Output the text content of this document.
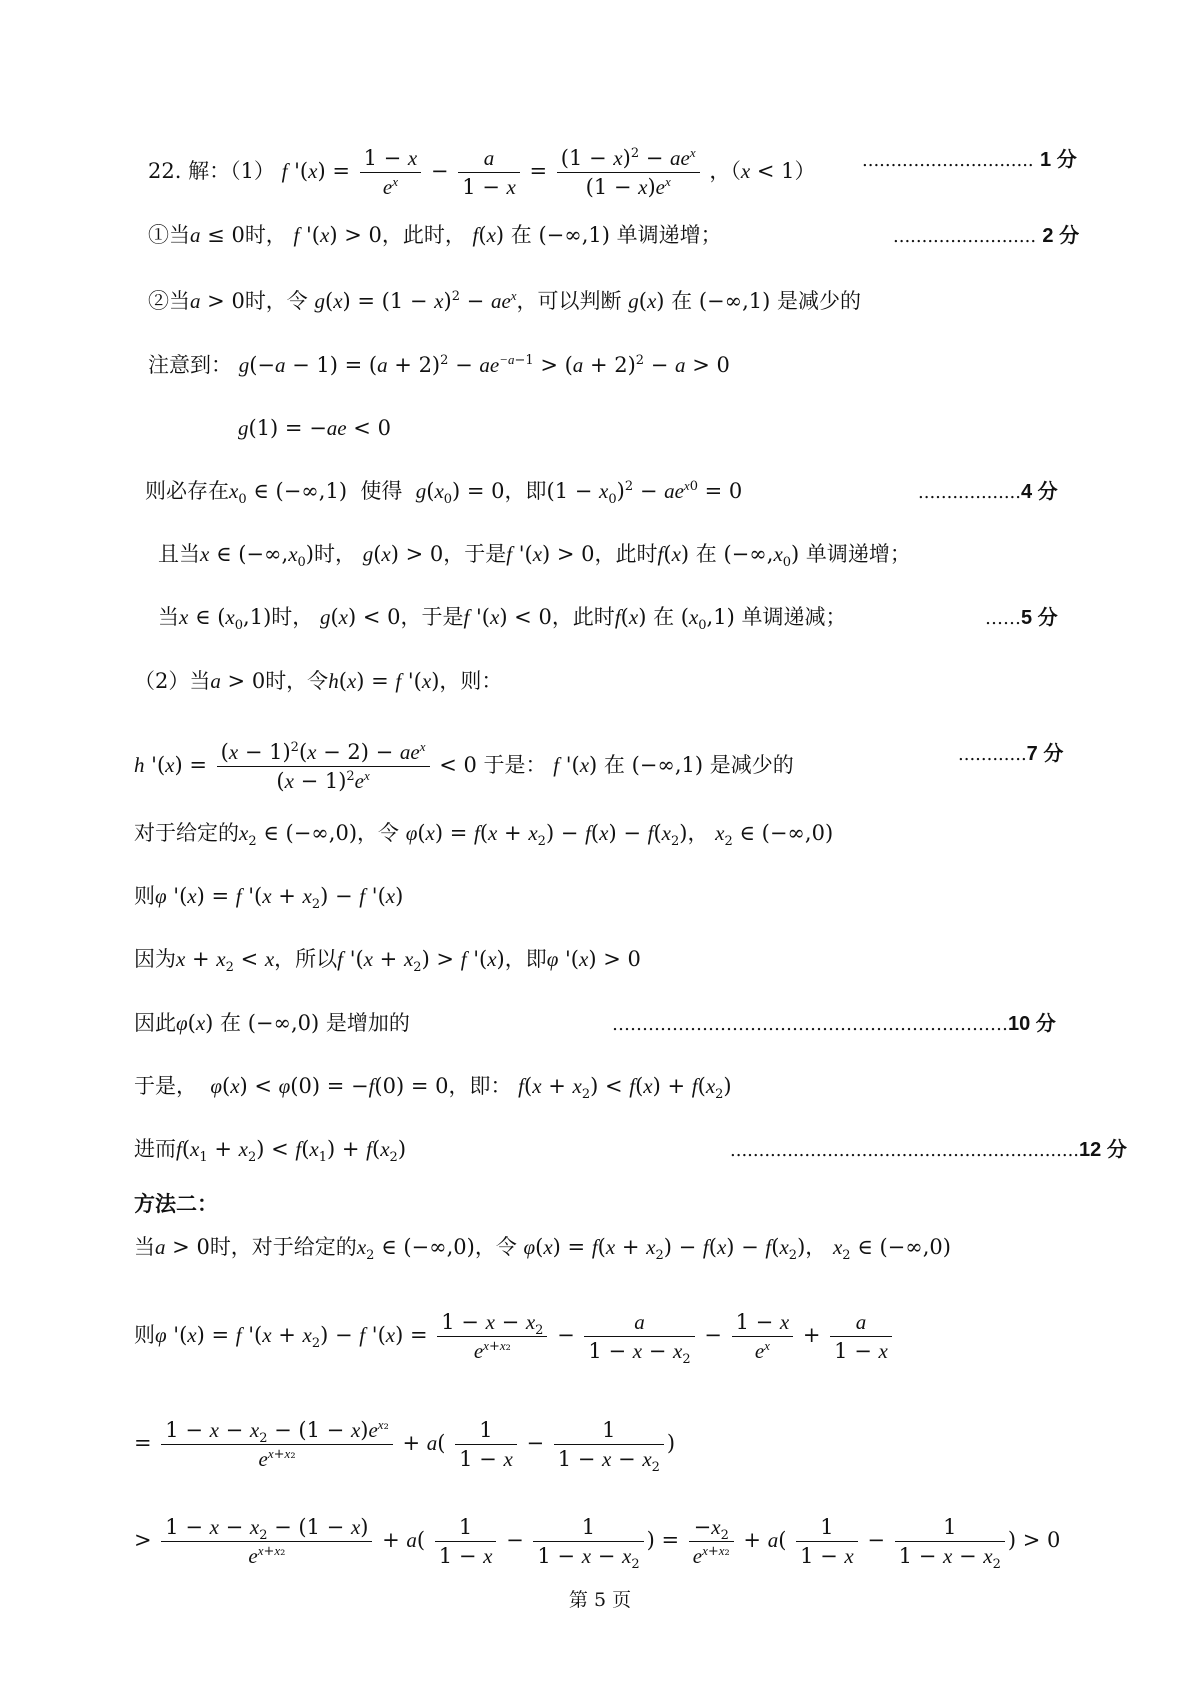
22. 解：（1） f '$(x) = \frac{1 - x}{e^x} - \frac{a}{1 - x} = \frac{(1 - x)^2 - ae^x}{(1 - x)e^x}$ ，（x < 1）	.............................. 1 分
①当a ≤ 0时， f '(x) > 0，此时， f(x) 在 (−∞,1) 单调递增；	......................... 2 分
②当a > 0时，令 $g(x) = (1 - x)^2 - ae^x$，可以判断 g(x) 在 (−∞,1) 是减少的
注意到： $g(-a - 1) = (a + 2)^2 - ae^{-a-1} > (a + 2)^2 - a > 0$
g(1) = −ae < 0
则必存在$x_0$ ∈ (−∞,1)  使得 $g(x_0) = 0$，即$(1 - x_0)^2 - ae^{x0} = 0$	..................4 分
且当x ∈ $(-\infty,x_0)$时， g(x) > 0，于是f '(x) > 0，此时f(x) 在 $(-\infty,x_0)$ 单调递增；
当x ∈ $(x_0,1)$时， g(x) < 0，于是f '(x) < 0，此时f(x) 在 $(x_0,1)$ 单调递减；	……5 分
（2）当a > 0时，令h(x) = f '(x)，则：
h '$(x) = \frac{(x - 1)^2(x - 2) - ae^x}{(x - 1)^2e^x} < 0$ 于是： f '(x) 在 (−∞,1) 是减少的	............7 分
对于给定的$x_2$ ∈ (−∞,0)，令 $\varphi(x) = f(x + x_2) - f(x) - f(x_2)$， $x_2$ ∈ (−∞,0)
则φ '(x) = f '$(x + x_2) - f$ '(x)
因为$x + x_2 < x$，所以f '$(x + x_2) > f$ '(x)，即φ '(x) > 0
因此φ(x) 在 (−∞,0) 是增加的	…………………………………………………………10 分
于是， φ(x) < φ(0) = −f(0) = 0，即： $f(x + x_2) < f(x) + f(x_2)$
进而$f(x_1 + x_2) < f(x_1) + f(x_2)$	.............................................................12 分
方法二：
当a > 0时，对于给定的$x_2$ ∈ (−∞,0)，令 $\varphi(x) = f(x + x_2) - f(x) - f(x_2)$， $x_2$ ∈ (−∞,0)
则φ '(x) = f '$(x + x_2) - f$ '$(x) = \frac{1 - x - x_2}{e^{x+x_2}} - \frac{a}{1 - x - x_2} - \frac{1 - x}{e^x} + \frac{a}{1 - x}$
= $\frac{1 - x - x_2 - (1 - x)e^{x_2}}{e^{x+x_2}} + a( \frac{1}{1 - x} - \frac{1}{1 - x - x_2}$ )
> $\frac{1 - x - x_2 - (1 - x)}{e^{x+x_2}} + a( \frac{1}{1 - x} - \frac{1}{1 - x - x_2}$ ) = $\frac{-x_2}{e^{x+x_2}} + a( \frac{1}{1 - x} - \frac{1}{1 - x - x_2}$ ) > 0
第 5 页
